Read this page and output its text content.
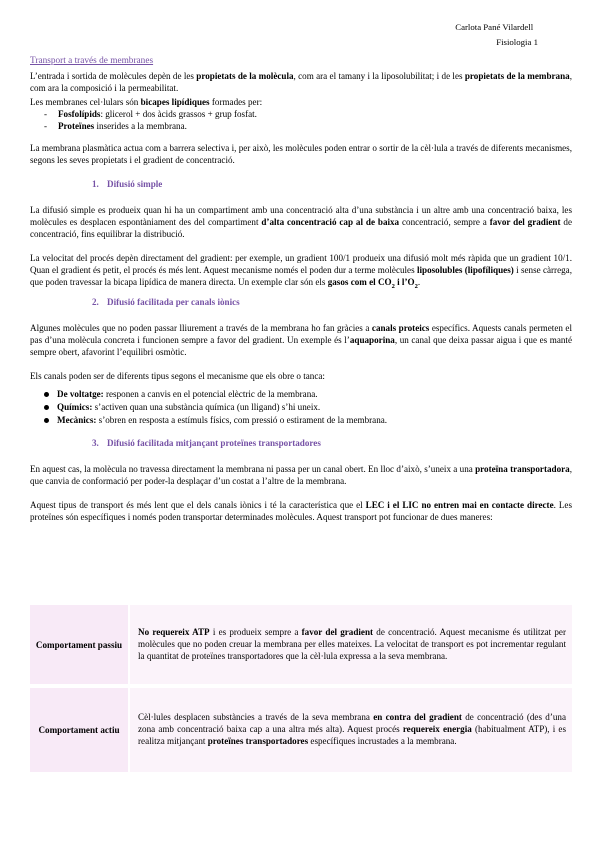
Carlota Pané Vilardell
Fisiologia 1

Transport a través de membranes

L’entrada i sortida de molècules depèn de les propietats de la molècula, com ara el tamany i la liposolubilitat; i de les propietats de la membrana, com ara la composició i la permeabilitat.

Les membranes cel·lulars són bicapes lipídiques formades per:

- Fosfolípids: glicerol + dos àcids grassos + grup fosfat.
- Proteïnes inserides a la membrana.

La membrana plasmàtica actua com a barrera selectiva i, per això, les molècules poden entrar o sortir de la cèl·lula a través de diferents mecanismes, segons les seves propietats i el gradient de concentració.

1. Difusió simple

La difusió simple es produeix quan hi ha un compartiment amb una concentració alta d’una substància i un altre amb una concentració baixa, les molècules es desplacen espontàniament des del compartiment d’alta concentració cap al de baixa concentració, sempre a favor del gradient de concentració, fins equilibrar la distribució.

La velocitat del procés depèn directament del gradient: per exemple, un gradient 100/1 produeix una difusió molt més ràpida que un gradient 10/1. Quan el gradient és petit, el procés és més lent. Aquest mecanisme només el poden dur a terme molècules liposolubles (lipofíliques) i sense càrrega, que poden travessar la bicapa lipídica de manera directa. Un exemple clar són els gasos com el $CO_2$ i $l’O_2$.

2. Difusió facilitada per canals iònics

Algunes molècules que no poden passar lliurement a través de la membrana ho fan gràcies a canals proteics específics. Aquests canals permeten el pas d’una molècula concreta i funcionen sempre a favor del gradient. Un exemple és l’aquaporina, un canal que deixa passar aigua i que es manté sempre obert, afavorint l’equilibri osmòtic.

Els canals poden ser de diferents tipus segons el mecanisme que els obre o tanca:

De voltatge: responen a canvis en el potencial elèctric de la membrana.
Químics: s’activen quan una substància química (un lligand) s’hi uneix.
Mecànics: s’obren en resposta a estímuls físics, com pressió o estirament de la membrana.

3. Difusió facilitada mitjançant proteïnes transportadores

En aquest cas, la molècula no travessa directament la membrana ni passa per un canal obert. En lloc d’això, s’uneix a una proteïna transportadora, que canvia de conformació per poder-la desplaçar d’un costat a l’altre de la membrana.

Aquest tipus de transport és més lent que el dels canals iònics i té la característica que el LEC i el LIC no entren mai en contacte directe. Les proteïnes són específiques i només poden transportar determinades molècules. Aquest transport pot funcionar de dues maneres:

Comportament passiu	No requereix ATP i es produeix sempre a favor del gradient de concentració. Aquest mecanisme és utilitzat per molècules que no poden creuar la membrana per elles mateixes. La velocitat de transport es pot incrementar regulant la quantitat de proteïnes transportadores que la cèl·lula expressa a la seva membrana.
Comportament actiu	Cèl·lules desplacen substàncies a través de la seva membrana en contra del gradient de concentració (des d’una zona amb concentració baixa cap a una altra més alta). Aquest procés requereix energia (habitualment ATP), i es realitza mitjançant proteïnes transportadores específiques incrustades a la membrana.
